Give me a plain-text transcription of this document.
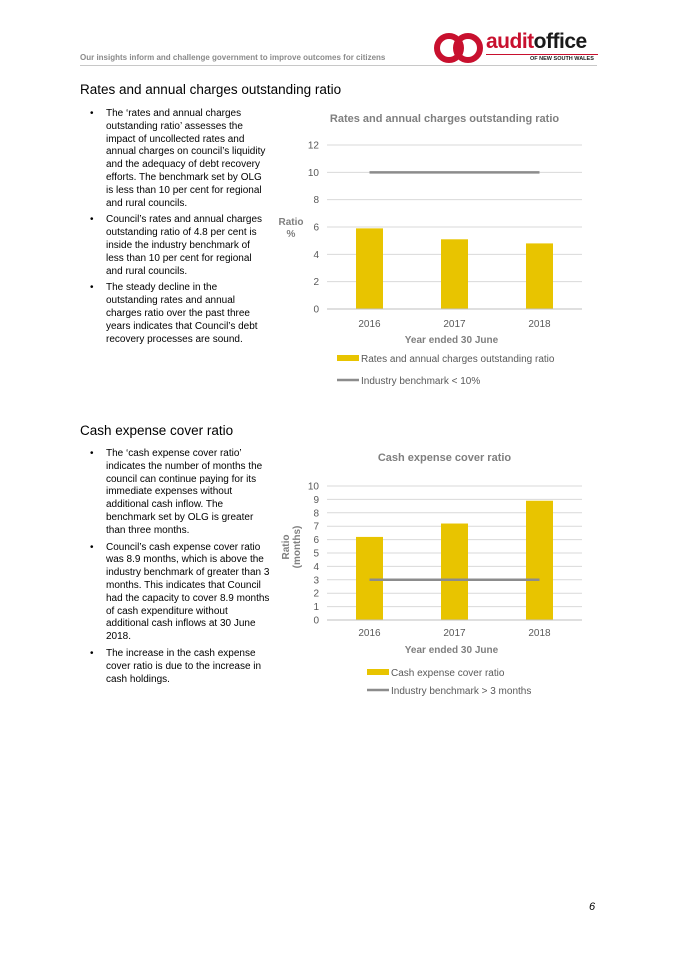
Our insights inform and challenge government to improve outcomes for citizens
auditoffice
OF NEW SOUTH WALES
Rates and annual charges outstanding ratio
• The ‘rates and annual charges outstanding ratio’ assesses the impact of uncollected rates and annual charges on council’s liquidity and the adequacy of debt recovery efforts. The benchmark set by OLG is less than 10 per cent for regional and rural councils.
• Council’s rates and annual charges outstanding ratio of 4.8 per cent is inside the industry benchmark of less than 10 per cent for regional and rural councils.
• The steady decline in the outstanding rates and annual charges ratio over the past three years indicates that Council’s debt recovery processes are sound.
Cash expense cover ratio
• The ‘cash expense cover ratio’ indicates the number of months the council can continue paying for its immediate expenses without additional cash inflow. The benchmark set by OLG is greater than three months.
• Council’s cash expense cover ratio was 8.9 months, which is above the industry benchmark of greater than 3 months. This indicates that Council had the capacity to cover 8.9 months of cash expenditure without additional cash inflows at 30 June 2018.
• The increase in the cash expense cover ratio is due to the increase in cash holdings.
Rates and annual charges outstanding ratio
0
2
4
6
8
10
12
Ratio %
2016	2017	2018
Year ended 30 June
Rates and annual charges outstanding ratio
Industry benchmark < 10%
Cash expense cover ratio
0
1
2
3
4
5
6
7
8
9
10
Ratio(months)
2016	2017	2018
Year ended 30 June
Cash expense cover ratio
Industry benchmark > 3 months
6
